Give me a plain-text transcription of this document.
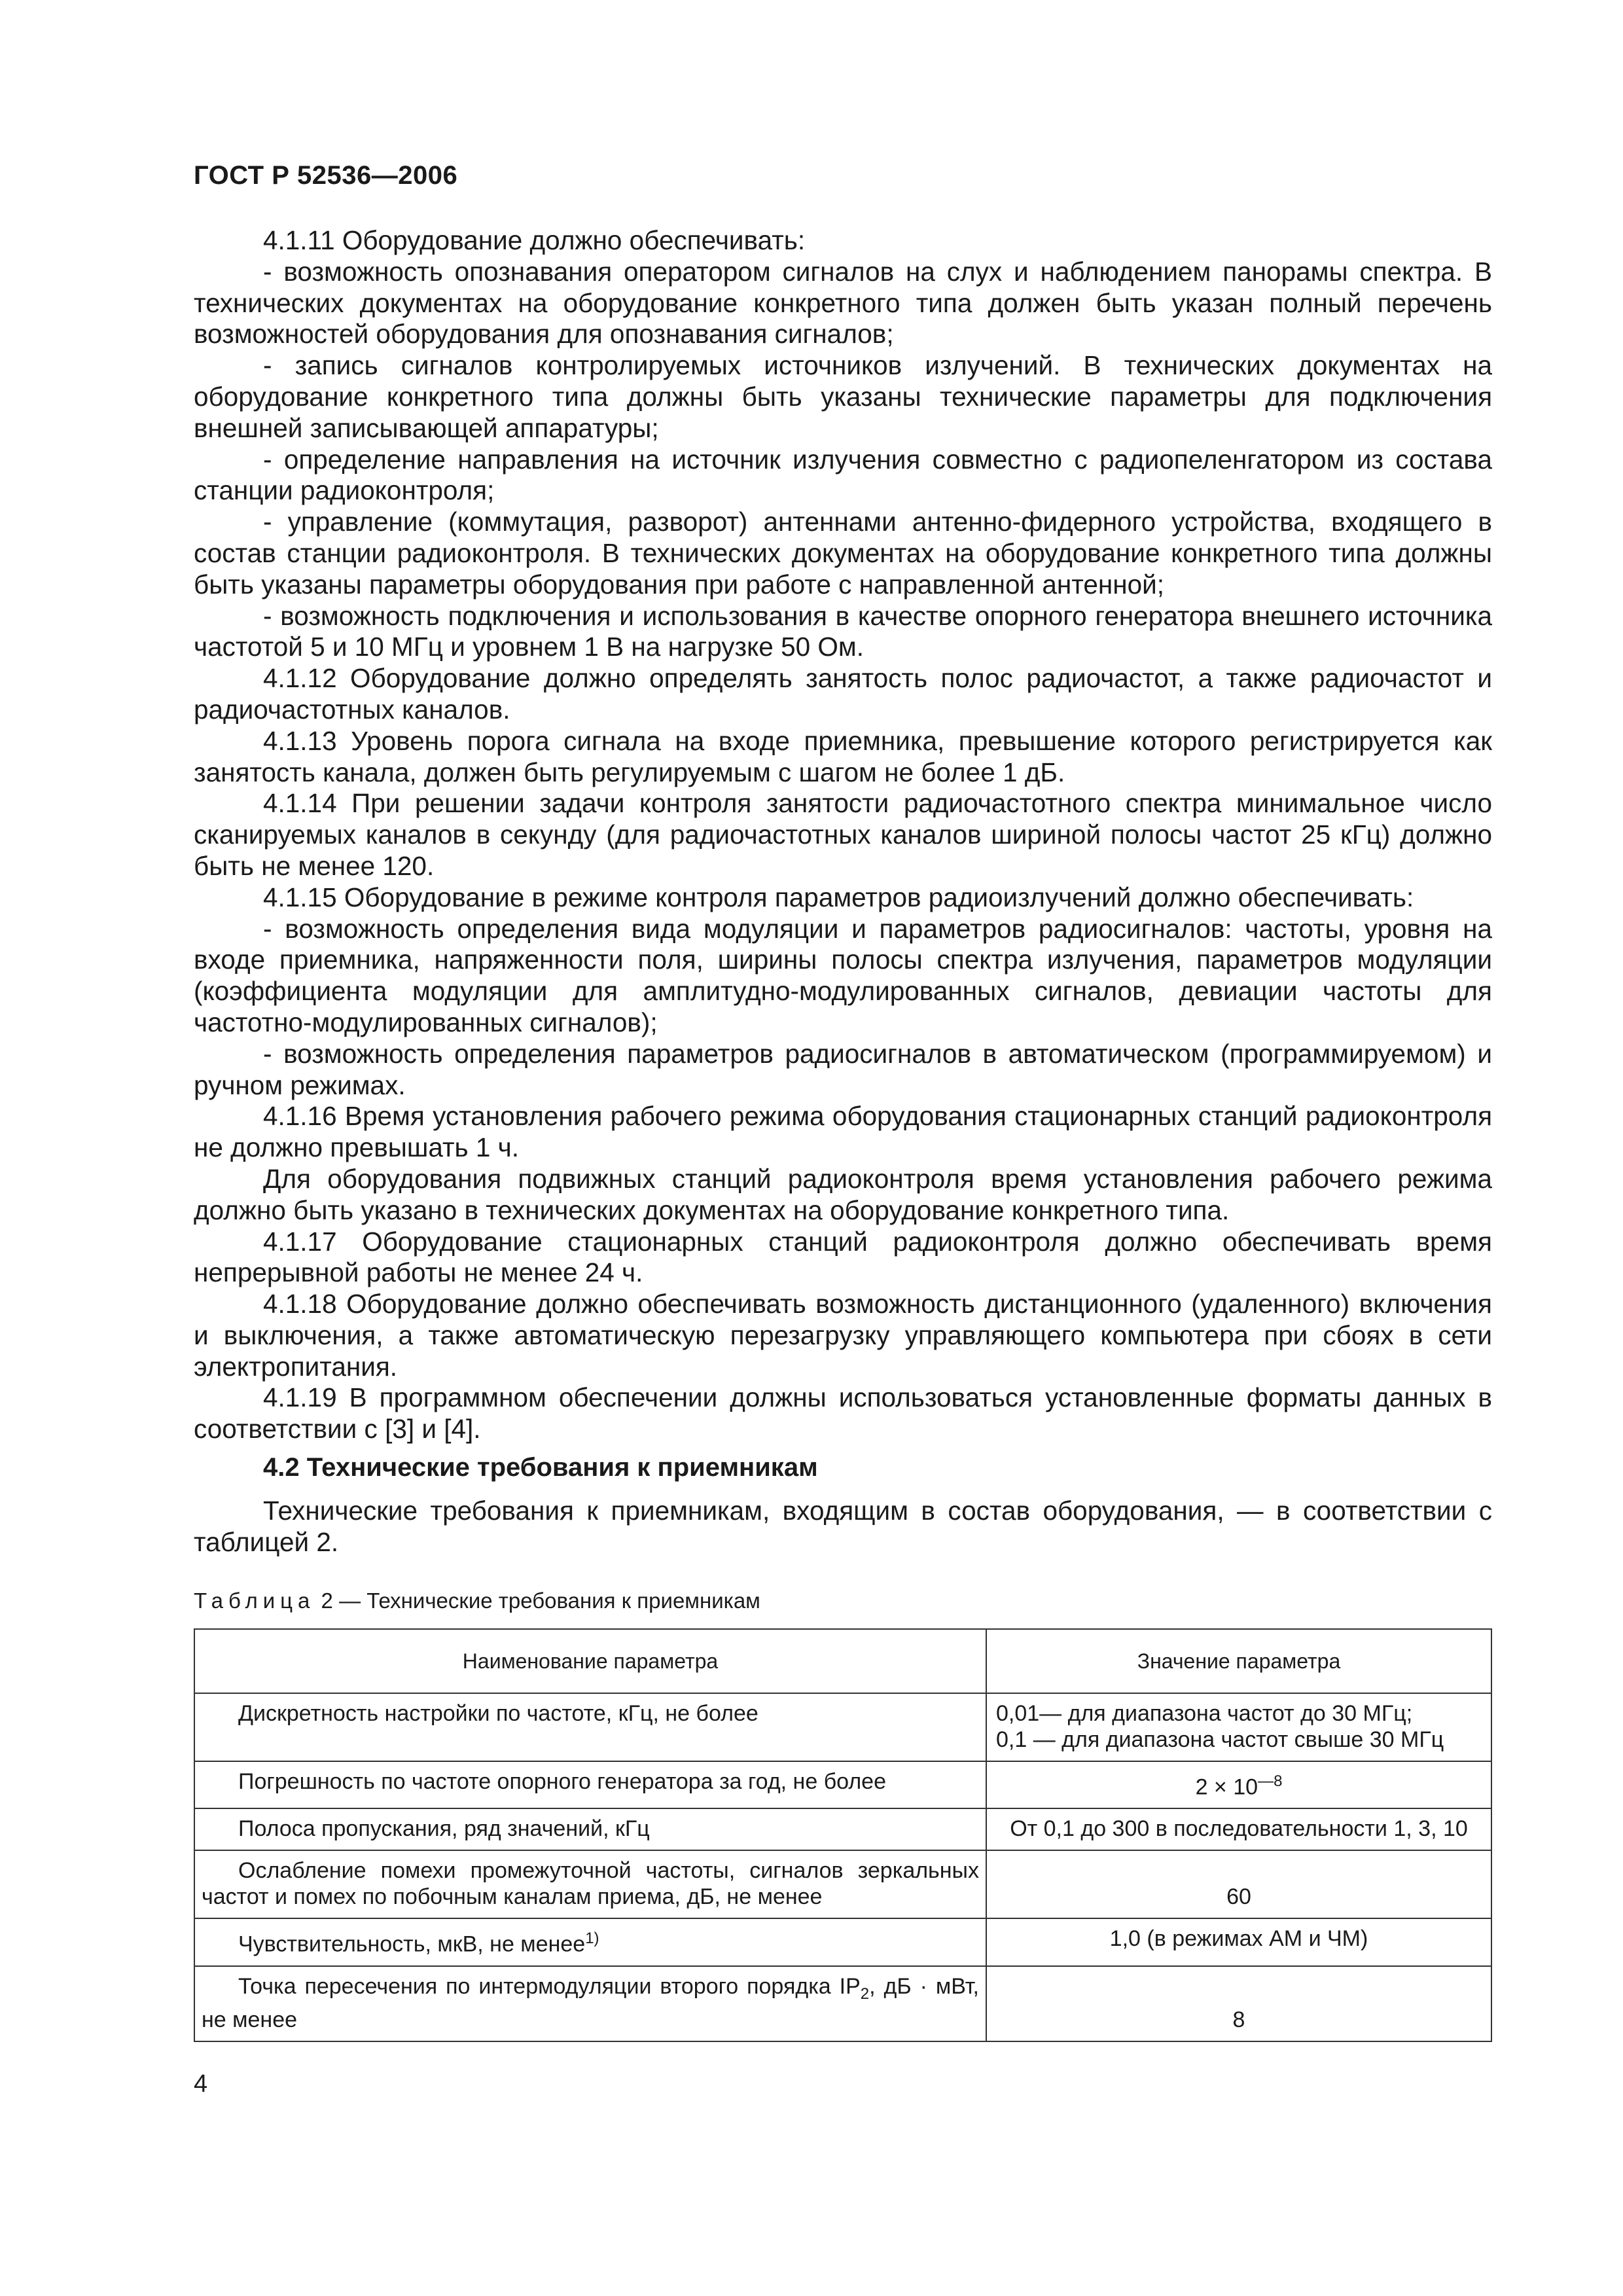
ГОСТ Р 52536—2006

4.1.11 Оборудование должно обеспечивать:

- возможность опознавания оператором сигналов на слух и наблюдением панорамы спектра. В технических документах на оборудование конкретного типа должен быть указан полный перечень возможностей оборудования для опознавания сигналов;

- запись сигналов контролируемых источников излучений. В технических документах на оборудование конкретного типа должны быть указаны технические параметры для подключения внешней записывающей аппаратуры;

- определение направления на источник излучения совместно с радиопеленгатором из состава станции радиоконтроля;

- управление (коммутация, разворот) антеннами антенно-фидерного устройства, входящего в состав станции радиоконтроля. В технических документах на оборудование конкретного типа должны быть указаны параметры оборудования при работе с направленной антенной;

- возможность подключения и использования в качестве опорного генератора внешнего источника частотой 5 и 10 МГц и уровнем 1 В на нагрузке 50 Ом.

4.1.12 Оборудование должно определять занятость полос радиочастот, а также радиочастот и радиочастотных каналов.

4.1.13 Уровень порога сигнала на входе приемника, превышение которого регистрируется как занятость канала, должен быть регулируемым с шагом не более 1 дБ.

4.1.14 При решении задачи контроля занятости радиочастотного спектра минимальное число сканируемых каналов в секунду (для радиочастотных каналов шириной полосы частот 25 кГц) должно быть не менее 120.

4.1.15 Оборудование в режиме контроля параметров радиоизлучений должно обеспечивать:

- возможность определения вида модуляции и параметров радиосигналов: частоты, уровня на входе приемника, напряженности поля, ширины полосы спектра излучения, параметров модуляции (коэффициента модуляции для амплитудно-модулированных сигналов, девиации частоты для частотно-модулированных сигналов);

- возможность определения параметров радиосигналов в автоматическом (программируемом) и ручном режимах.

4.1.16 Время установления рабочего режима оборудования стационарных станций радиоконтроля не должно превышать 1 ч.

Для оборудования подвижных станций радиоконтроля время установления рабочего режима должно быть указано в технических документах на оборудование конкретного типа.

4.1.17 Оборудование стационарных станций радиоконтроля должно обеспечивать время непрерывной работы не менее 24 ч.

4.1.18 Оборудование должно обеспечивать возможность дистанционного (удаленного) включения и выключения, а также автоматическую перезагрузку управляющего компьютера при сбоях в сети электропитания.

4.1.19 В программном обеспечении должны использоваться установленные форматы данных в соответствии с [3] и [4].

4.2 Технические требования к приемникам
Технические требования к приемникам, входящим в состав оборудования, — в соответствии с таблицей 2.
Таблица 2 — Технические требования к приемникам
Наименование параметра	Значение параметра

Дискретность настройки по частоте, кГц, не более	0,01— для диапазона частот до 30 МГц;
0,1 — для диапазона частот свыше 30 МГц

Погрешность по частоте опорного генератора за год, не более	$2 \times 10^{—8}$

Полоса пропускания, ряд значений, кГц	От 0,1 до 300 в последовательности 1, 3, 10

Ослабление помехи промежуточной частоты, сигналов зеркальных частот и помех по побочным каналам приема, дБ, не менее	60

Чувствительность, мкВ, не менее$^{1)}$	1,0 (в режимах АМ и ЧМ)

Точка пересечения по интермодуляции второго порядка $IP_2$, дБ · мВт, не менее	8
4
